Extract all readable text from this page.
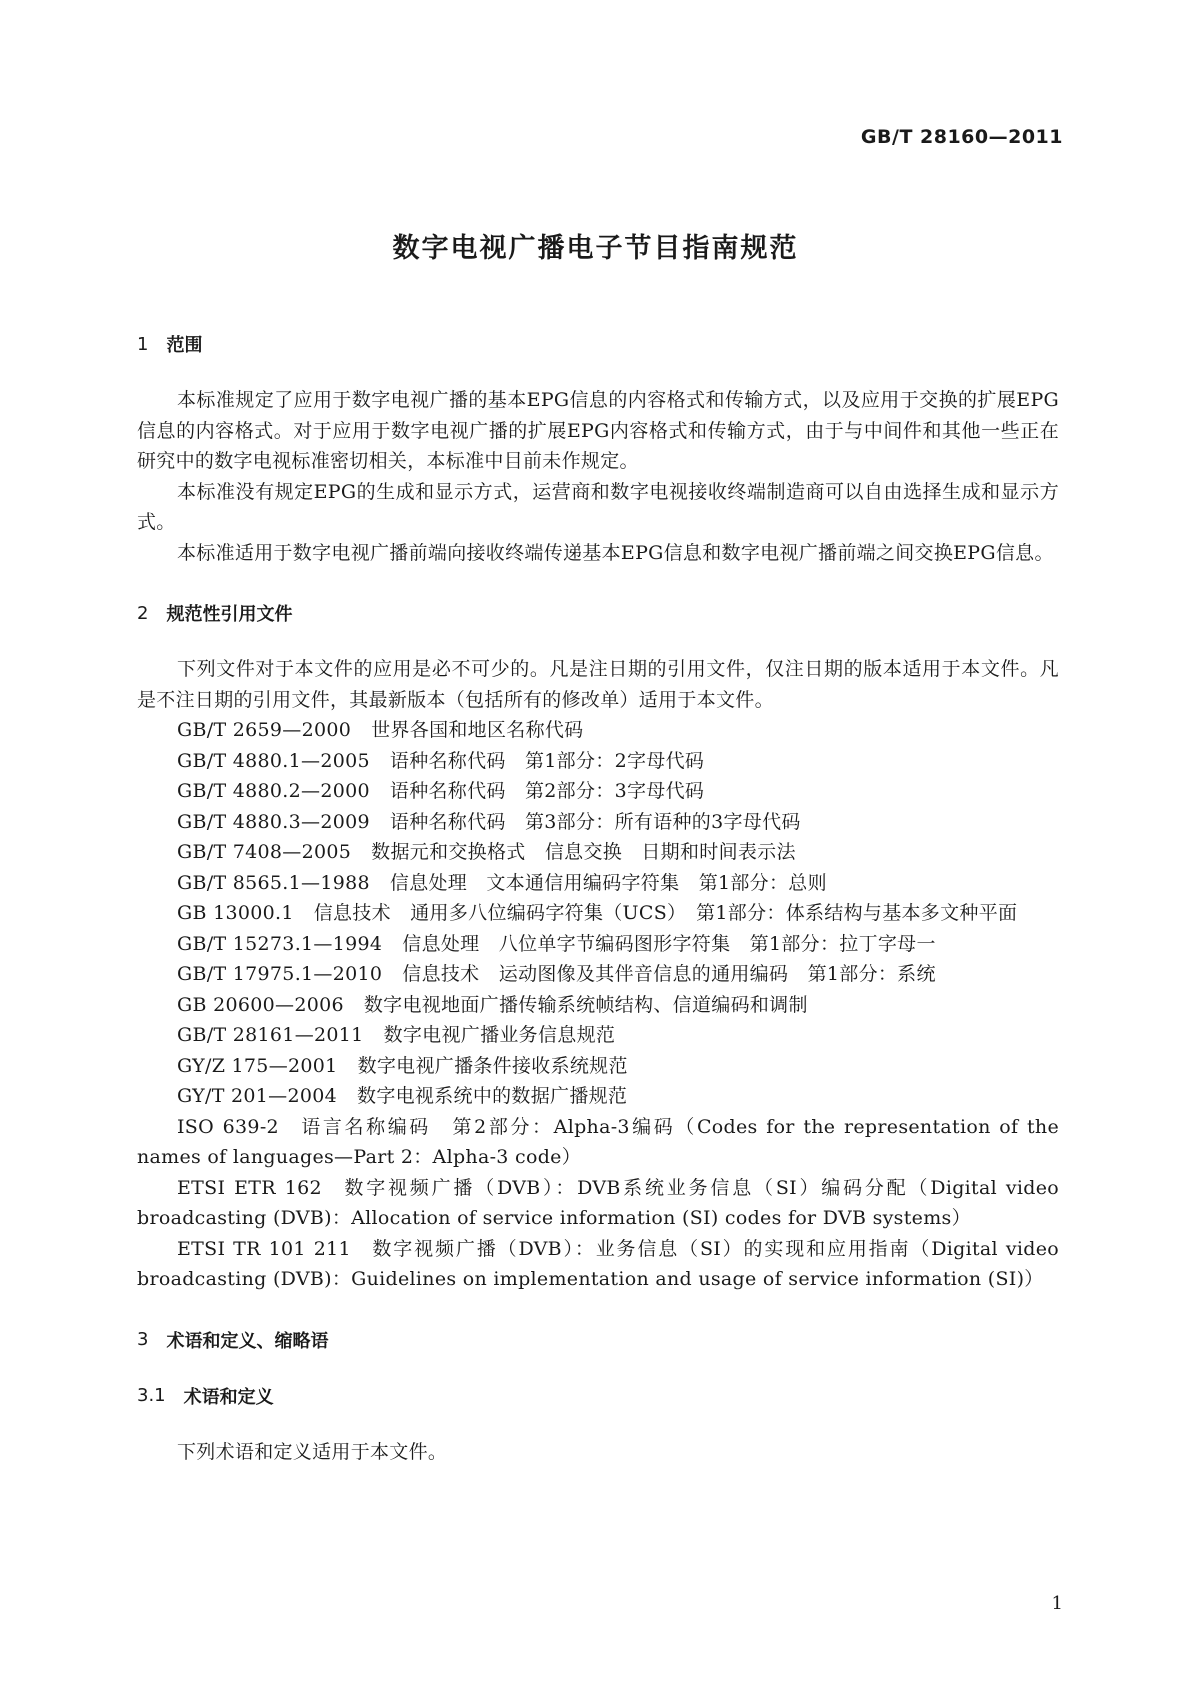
GB/T 28160—2011
数字电视广播电子节目指南规范
1 范围

本标准规定了应用于数字电视广播的基本EPG信息的内容格式和传输方式，以及应用于交换的扩展EPG信息的内容格式。对于应用于数字电视广播的扩展EPG内容格式和传输方式，由于与中间件和其他一些正在研究中的数字电视标准密切相关，本标准中目前未作规定。

本标准没有规定EPG的生成和显示方式，运营商和数字电视接收终端制造商可以自由选择生成和显示方式。

本标准适用于数字电视广播前端向接收终端传递基本EPG信息和数字电视广播前端之间交换EPG信息。

2 规范性引用文件

下列文件对于本文件的应用是必不可少的。凡是注日期的引用文件，仅注日期的版本适用于本文件。凡是不注日期的引用文件，其最新版本（包括所有的修改单）适用于本文件。

GB/T 2659—2000 世界各国和地区名称代码
GB/T 4880.1—2005 语种名称代码　第1部分：2字母代码
GB/T 4880.2—2000 语种名称代码　第2部分：3字母代码
GB/T 4880.3—2009 语种名称代码　第3部分：所有语种的3字母代码
GB/T 7408—2005 数据元和交换格式　信息交换　日期和时间表示法
GB/T 8565.1—1988 信息处理　文本通信用编码字符集　第1部分：总则
GB 13000.1 信息技术　通用多八位编码字符集（UCS）　第1部分：体系结构与基本多文种平面
GB/T 15273.1—1994 信息处理　八位单字节编码图形字符集　第1部分：拉丁字母一
GB/T 17975.1—2010 信息技术　运动图像及其伴音信息的通用编码　第1部分：系统
GB 20600—2006 数字电视地面广播传输系统帧结构、信道编码和调制
GB/T 28161—2011 数字电视广播业务信息规范
GY/Z 175—2001 数字电视广播条件接收系统规范
GY/T 201—2004 数字电视系统中的数据广播规范
ISO 639-2 语言名称编码　第2部分：Alpha-3编码（Codes for the representation of the names of languages—Part 2：Alpha-3 code）
ETSI ETR 162 数字视频广播（DVB）：DVB系统业务信息（SI）编码分配（Digital video broadcasting (DVB)：Allocation of service information (SI) codes for DVB systems）
ETSI TR 101 211 数字视频广播（DVB）：业务信息（SI）的实现和应用指南（Digital video broadcasting (DVB)：Guidelines on implementation and usage of service information (SI)）
3 术语和定义、缩略语
3.1 术语和定义

下列术语和定义适用于本文件。

1
